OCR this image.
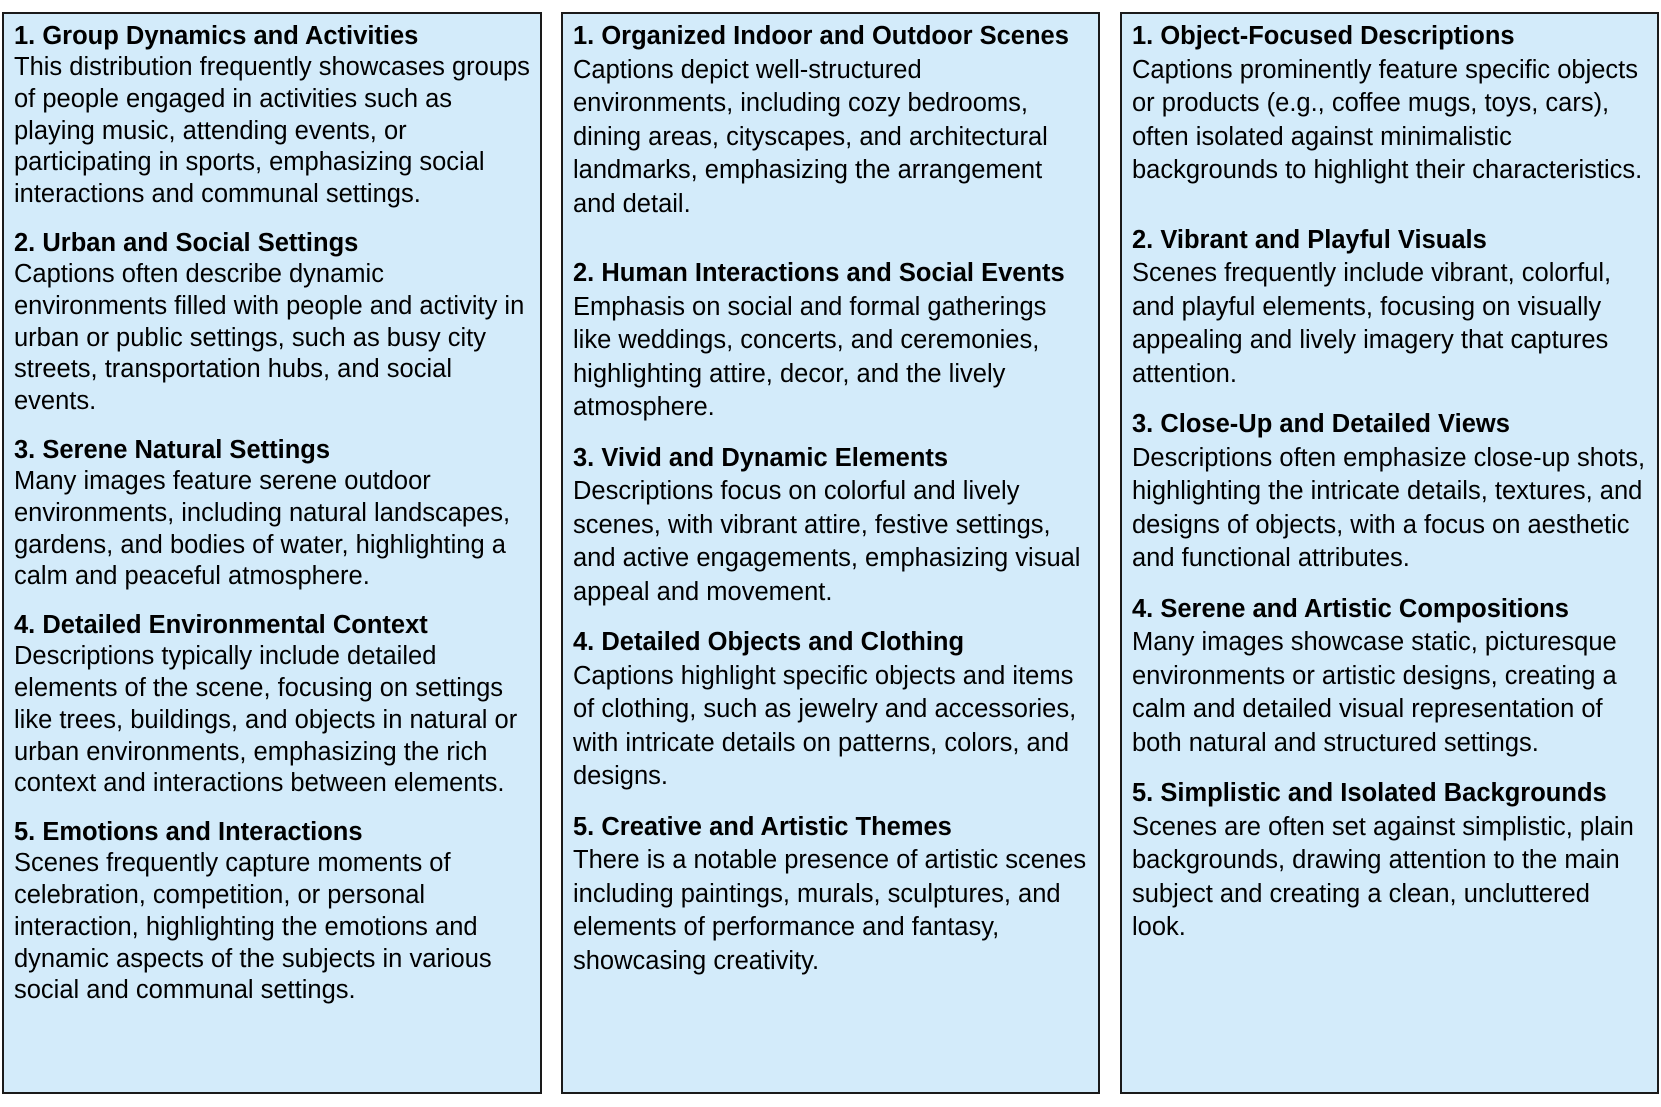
1. Group Dynamics and Activities

This distribution frequently showcases groups of people engaged in activities such as playing music, attending events, or participating in sports, emphasizing social interactions and communal settings.

2. Urban and Social Settings

Captions often describe dynamic environments filled with people and activity in urban or public settings, such as busy city streets, transportation hubs, and social events.

3. Serene Natural Settings

Many images feature serene outdoor environments, including natural landscapes, gardens, and bodies of water, highlighting a calm and peaceful atmosphere.

4. Detailed Environmental Context

Descriptions typically include detailed elements of the scene, focusing on settings like trees, buildings, and objects in natural or urban environments, emphasizing the rich context and interactions between elements.

5. Emotions and Interactions

Scenes frequently capture moments of celebration, competition, or personal interaction, highlighting the emotions and dynamic aspects of the subjects in various social and communal settings.

1. Organized Indoor and Outdoor Scenes

Captions depict well-structured environments, including cozy bedrooms, dining areas, cityscapes, and architectural landmarks, emphasizing the arrangement and detail.

2. Human Interactions and Social Events

Emphasis on social and formal gatherings like weddings, concerts, and ceremonies, highlighting attire, decor, and the lively atmosphere.

3. Vivid and Dynamic Elements

Descriptions focus on colorful and lively scenes, with vibrant attire, festive settings, and active engagements, emphasizing visual appeal and movement.

4. Detailed Objects and Clothing

Captions highlight specific objects and items of clothing, such as jewelry and accessories, with intricate details on patterns, colors, and designs.

5. Creative and Artistic Themes

There is a notable presence of artistic scenes including paintings, murals, sculptures, and elements of performance and fantasy, showcasing creativity.

1. Object-Focused Descriptions

Captions prominently feature specific objects or products (e.g., coffee mugs, toys, cars), often isolated against minimalistic backgrounds to highlight their characteristics.

2. Vibrant and Playful Visuals

Scenes frequently include vibrant, colorful, and playful elements, focusing on visually appealing and lively imagery that captures attention.

3. Close-Up and Detailed Views

Descriptions often emphasize close-up shots, highlighting the intricate details, textures, and designs of objects, with a focus on aesthetic and functional attributes.

4. Serene and Artistic Compositions

Many images showcase static, picturesque environments or artistic designs, creating a calm and detailed visual representation of both natural and structured settings.

5. Simplistic and Isolated Backgrounds

Scenes are often set against simplistic, plain backgrounds, drawing attention to the main subject and creating a clean, uncluttered look.
